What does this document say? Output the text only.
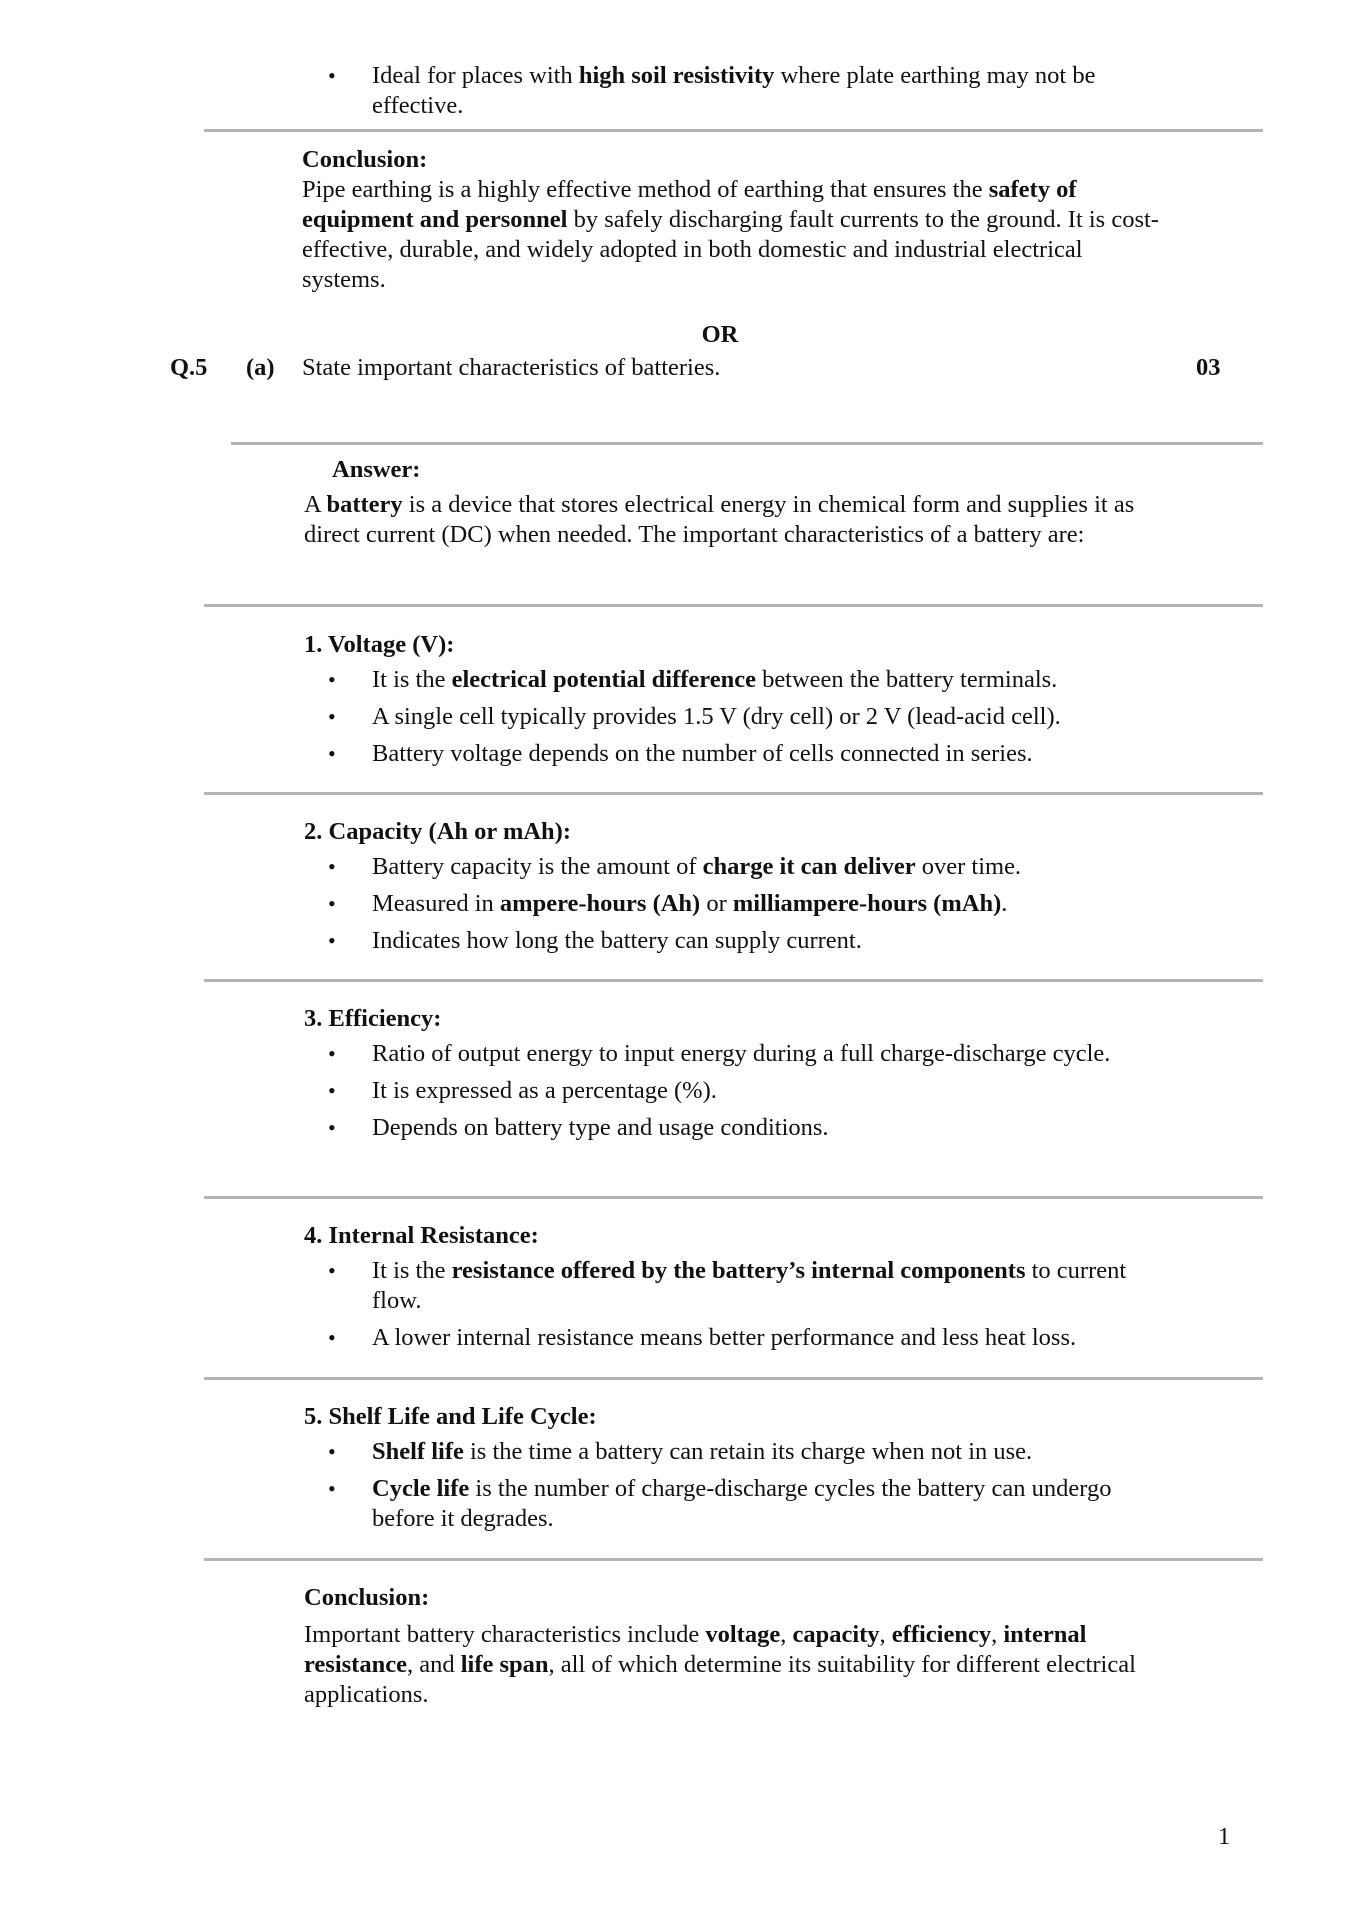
• Ideal for places with high soil resistivity where plate earthing may not be effective.
Conclusion:
Pipe earthing is a highly effective method of earthing that ensures the safety of equipment and personnel by safely discharging fault currents to the ground. It is cost-effective, durable, and widely adopted in both domestic and industrial electrical systems.
OR
Q.5 (a) State important characteristics of batteries.	03
Answer:
A battery is a device that stores electrical energy in chemical form and supplies it as direct current (DC) when needed. The important characteristics of a battery are:
1. Voltage (V):
• It is the electrical potential difference between the battery terminals.
• A single cell typically provides 1.5 V (dry cell) or 2 V (lead-acid cell).
• Battery voltage depends on the number of cells connected in series.
2. Capacity (Ah or mAh):
• Battery capacity is the amount of charge it can deliver over time.
• Measured in ampere-hours (Ah) or milliampere-hours (mAh).
• Indicates how long the battery can supply current.
3. Efficiency:
• Ratio of output energy to input energy during a full charge-discharge cycle.
• It is expressed as a percentage (%).
• Depends on battery type and usage conditions.
4. Internal Resistance:
• It is the resistance offered by the battery’s internal components to current flow.
• A lower internal resistance means better performance and less heat loss.
5. Shelf Life and Life Cycle:
• Shelf life is the time a battery can retain its charge when not in use.
• Cycle life is the number of charge-discharge cycles the battery can undergo before it degrades.
Conclusion:
Important battery characteristics include voltage, capacity, efficiency, internal resistance, and life span, all of which determine its suitability for different electrical applications.
1
